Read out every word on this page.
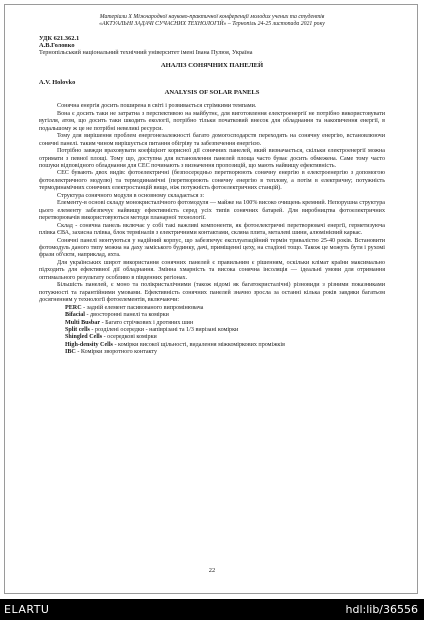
Матеріали Х Міжнародної науково-практичної конференції молодих учених та студентів

«АКТУАЛЬНІ ЗАДАЧІ СУЧАСНИХ ТЕХНОЛОГІЙ» – Тернопіль 24-25 листопада 2021 року

УДК 621.362.1
А.В.Головко
Тернопільський національний технічний університет імені Івана Пулюя, Україна
АНАЛІЗ СОНЯЧНИХ ПАНЕЛЕЙ
A.V. Holovko
ANALYSIS OF SOLAR PANELS

Сонячна енергія досить поширена в світі і розвивається стрімкими темпами.

Вона є досить таки не затратна з перспективою на майбутнє, для виготовлення електроенергії не потрібно використовувати вугілля, атом, що досить таки шкодить екології, потрібно тільки початковий внесок для обладнання та накопичення енергії, в подальшому ж це не потрібні невеликі ресурси.

Тому для вирішення проблем енергонезалежності багато домогосподарств переходять на сонячну енергію, встановлюючи сонячні панелі. таким чином вирішується питання обігріву та забезпечення енергією.

Потрібно завжди враховувати коефіцієнт корисної дії сонячних панелей, який визначається, скільки електроенергії можна отримати з певної площі. Тому що, доступна для встановлення панелей площа часто буває досить обмежена. Саме тому часто пошуки відповідного обладнання для СЕС починають з визначення пропозицій, що мають найвищу ефективність.

СЕС бувають двох видів: фотоелектричні (безпосередньо перетворюють сонячну енергію в електроенергію з допомогою фотоелектричного модулю) та термодинамічні (перетворюють сонячну енергію в теплову, а потім в електричну; потужність термодинамічних сонячних електростанцій вище, ніж потужність фотоелектричних станцій).

Структура сонячного модуля в основному складається з:

Елементу-в основі складу монокристалічного фотомодуля — майже на 100% високо очищень кремний. Непорушна структура цього елементу забезпечує найвищу ефективність серед усіх типів сонячних батарей. Для виробництва фотоелектричних перетворювачів використовуються методи планарної технології.

Склад - сонячна панель включає у собі такі важливі компоненти, як фотоелектричні перетворювачі енергії, герметизуюча плівка ЄВА, захисна плівка, блок терміналів з електричними контактами, скляна плита, металеві шини, алюмінієвий каркас.

Сонячні панелі монтуються у надійний корпус, що забезпечує експлуатаційний термін тривалістю 25-40 років. Встановити фотомодуль даного типу можна на даху заміського будинку, дачі, приміщенні цеху, на стадіоні тощо. Також це можуть бути і рухомі фрази об'єкти, наприклад, яхта.

Для українських широт використання сонячних панелей є правильним є рішенням, оскільки клімат країни максимально підходить для ефективної дії обладнання. Змінна хмарність та висока сонячна інсоляція — ідеальні умови для отримання оптимального результату особливо в південних регіонах.

Більшість панелей, є моно та полікристалічними (також відомі як багатокристалічні) різновиди з різними показниками потужності та гарантійними умовами. Ефективність сонячних панелей значно зросла за останні кілька років завдяки багатьом досягненням у технології фотоелементів, включаючи:

PERC - задній елемент пасивованого випромінювача
Bifacial - двосторонні панелі та комірки
Multi Busbar - Багато стрічкових і дротяних шин
Split cells - розділені осередки - напіврізані та 1/3 вирізані комірки
Shingled Cells - осередкові комірки
High-density Cells - комірки високої щільності, видалення міжкоміркових проміжків
IBC - Комірки зворотного контакту
22
ELARTU	hdl:lib/36556
